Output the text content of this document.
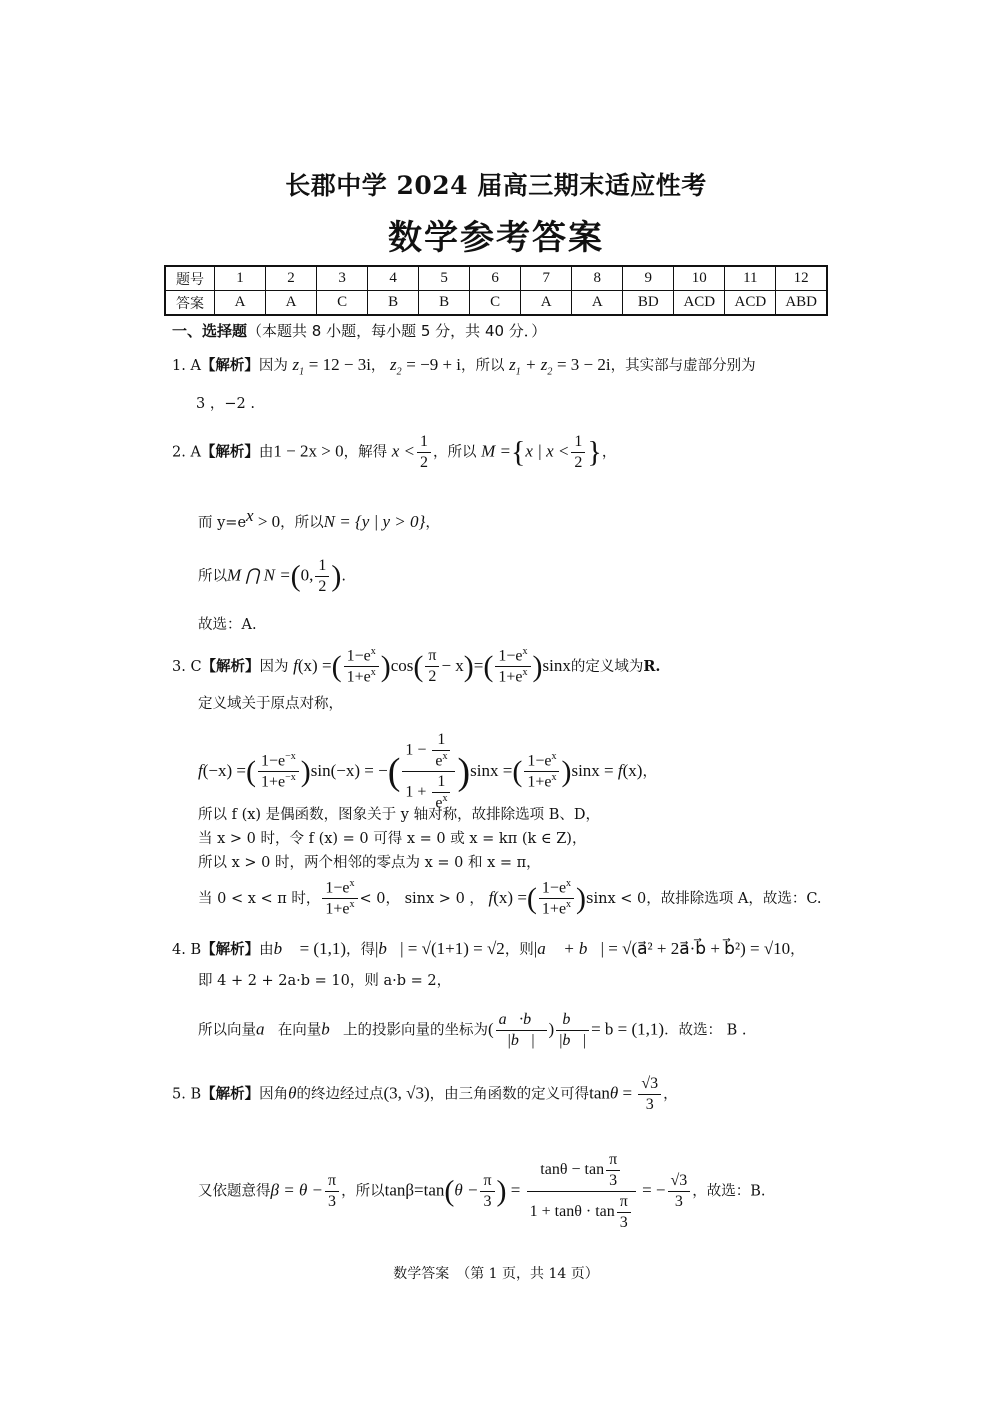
长郡中学 2024 届高三期末适应性考
数学参考答案
题号	1	2	3	4	5	6	7	8	9	10	11	12
答案	A	A	C	B	B	C	A	A	BD	ACD	ACD	ABD
一、选择题（本题共 8 小题，每小题 5 分，共 40 分．）
1. A【解析】因为 $z_1 = 12 - 3i$， $z_2 = -9 + i$，所以 $z_1 + z_2 = 3 - 2i$，其实部与虚部分别为
3 ，−2 .
2. A【解析】由1 − 2x > 0，解得 $x < \frac{1}{2}$ ，所以 M ={x | $x < \frac{1}{2}$ }，
而 $y=e^x > 0$，所以N = {y | y > 0}，
所以M ⋂ N =(0, $\frac{1}{2}$ ).
故选：A.
3. C【解析】因为 f(x) =( $\frac{1-e^x}{1+e^x} )\cos( \frac{\pi}{2} - x)=( \frac{1-e^x}{1+e^x} )\sin x$的定义域为R.
定义域关于原点对称，
f(−x) =( $\frac{1-e^{-x}}{1+e^{-x}} )\sin(-x)$ = −( $\frac{1 - \frac{1}{e^x}}{1 + \frac{1}{e^x}} )\sin x$ =( $\frac{1-e^x}{1+e^x} )\sin x = f(x)$，
所以 f (x) 是偶函数，图象关于 y 轴对称，故排除选项 B、D，
当 x > 0 时，令 f (x) = 0 可得 x = 0 或 x = kπ (k ∈ Z)，
所以 x > 0 时，两个相邻的零点为 x = 0 和 x = π，
当 0 < x < π 时， $\frac{1-e^x}{1+e^x} < 0$， sinx > 0 ， f(x) =( $\frac{1-e^x}{1+e^x} )\sin x < 0$，故排除选项 A，故选：C.
4. B【解析】由b⃗ = (1,1)，得|b⃗| = √(1+1) = √2，则|a⃗ + b⃗| = √(a⃗² + 2a⃗·b⃗ + b⃗²) = √10，
即 4 + 2 + 2a·b = 10，则 a·b = 2，
所以向量a⃗在向量b⃗上的投影向量的坐标为( $\frac{a⃗\cdot b⃗}{|b⃗|}$ ) $\frac{b⃗}{|b⃗|} = b = (1,1)$．故选： B .
5. B【解析】因角θ的终边经过点(3, √3)，由三角函数的定义可得$\tan\theta = \frac{√3}{3}$ ，
又依题意得$\beta = \theta - \frac{\pi}{3}$ ，所以$\tan\beta=\tan(\theta - \frac{\pi}{3}$ ) = $\frac{\tan\theta - \tan \frac{\pi}{3}}{1 + \tan\theta \cdot \tan \frac{\pi}{3}}$ = − $\frac{√3}{3}$ ，故选：B.
数学答案　（第 1 页，共 14 页）
